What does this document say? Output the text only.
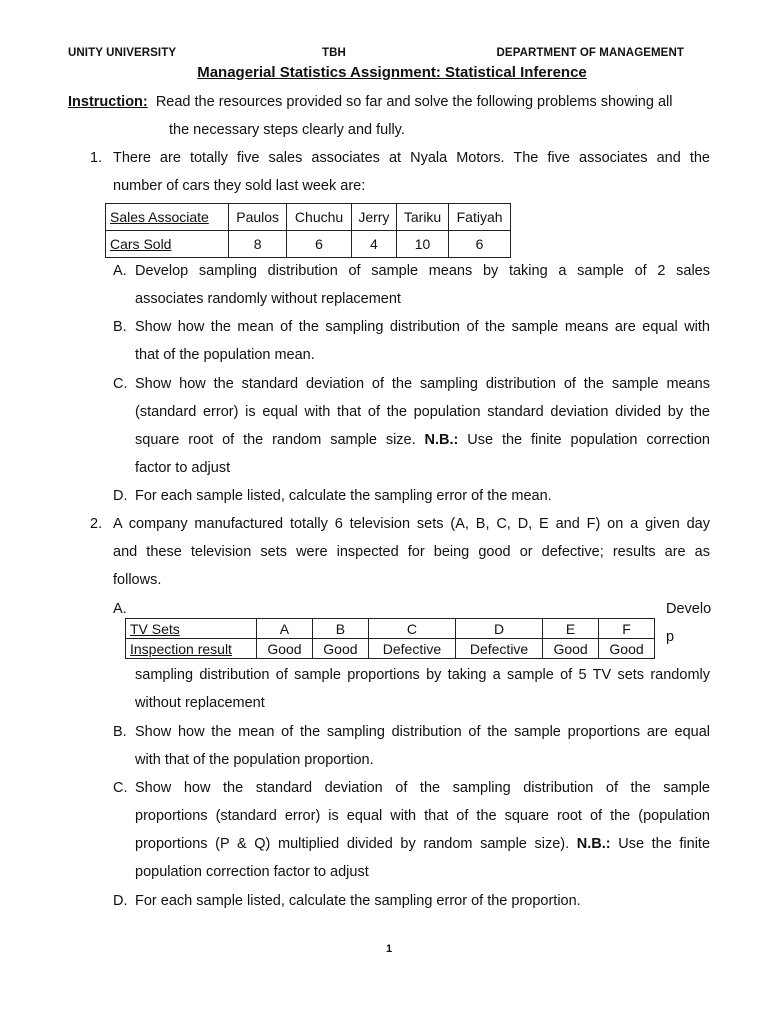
UNITY UNIVERSITY	TBH	DEPARTMENT OF MANAGEMENT
Managerial Statistics Assignment: Statistical Inference
Instruction: Read the resources provided so far and solve the following problems showing all
the necessary steps clearly and fully.
1. There are totally five sales associates at Nyala Motors. The five associates and the
number of cars they sold last week are:
Sales Associate	Paulos	Chuchu	Jerry	Tariku	Fatiyah
Cars Sold	8	6	4	10	6
A. Develop sampling distribution of sample means by taking a sample of 2 sales
associates randomly without replacement
B. Show how the mean of the sampling distribution of the sample means are equal with
that of the population mean.
C. Show how the standard deviation of the sampling distribution of the sample means
(standard error) is equal with that of the population standard deviation divided by the
square root of the random sample size. N.B.: Use the finite population correction
factor to adjust
D. For each sample listed, calculate the sampling error of the mean.
2. A company manufactured totally 6 television sets (A, B, C, D, E and F) on a given day
and these television sets were inspected for being good or defective; results are as
follows.
A.	Develo
p
TV Sets	A	B	C	D	E	F
Inspection result	Good	Good	Defective	Defective	Good	Good
sampling distribution of sample proportions by taking a sample of 5 TV sets randomly
without replacement
B. Show how the mean of the sampling distribution of the sample proportions are equal
with that of the population proportion.
C. Show how the standard deviation of the sampling distribution of the sample
proportions (standard error) is equal with that of the square root of the (population
proportions (P & Q) multiplied divided by random sample size). N.B.: Use the finite
population correction factor to adjust
D. For each sample listed, calculate the sampling error of the proportion.
1
